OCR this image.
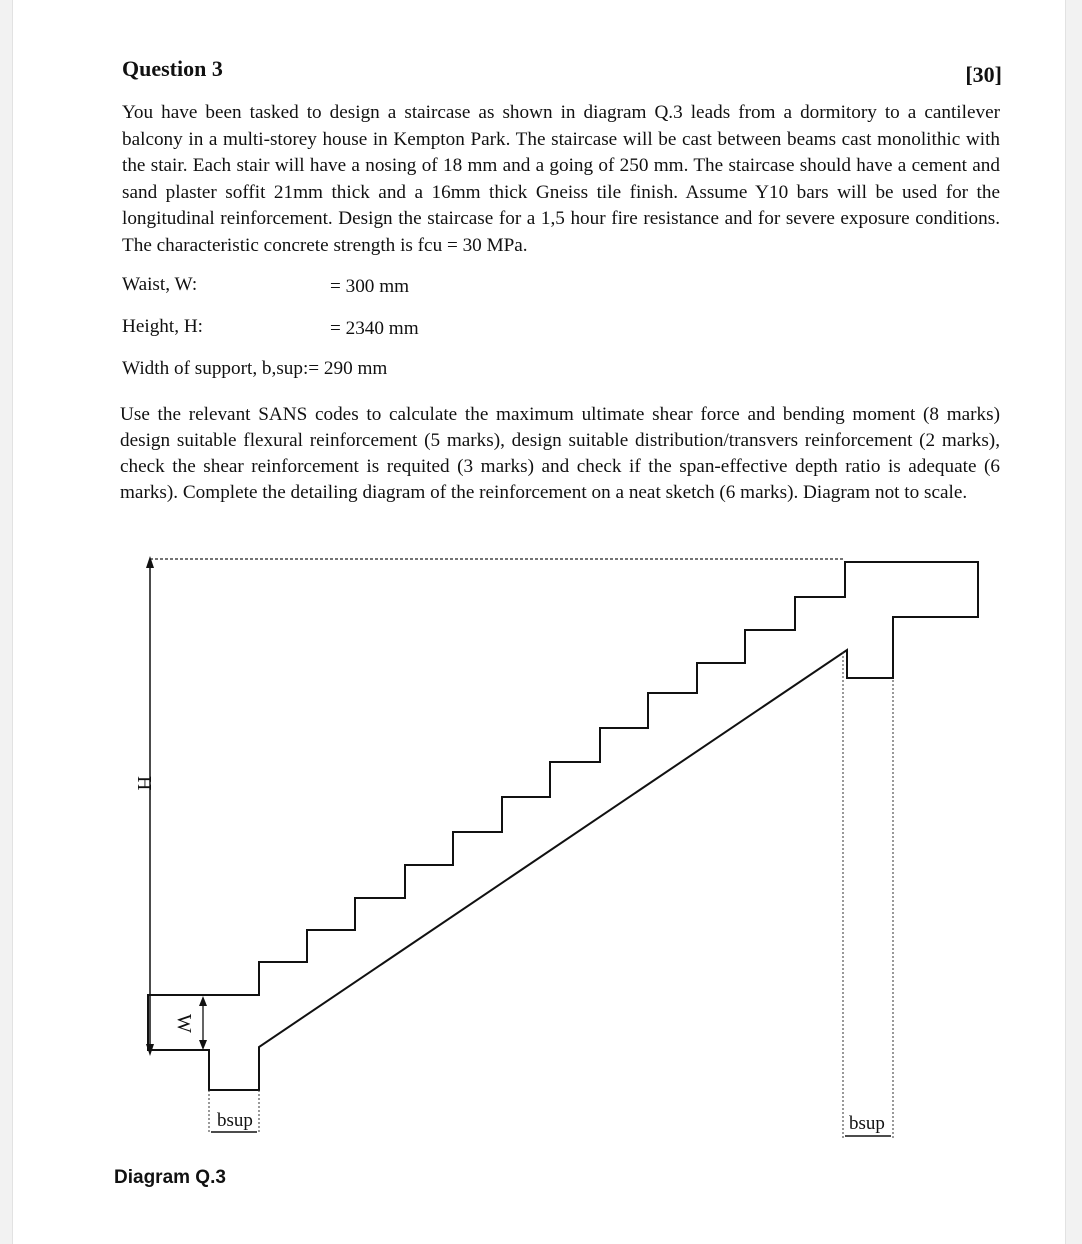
Question 3	[30]
You have been tasked to design a staircase as shown in diagram Q.3 leads from a dormitory to a cantilever balcony in a multi-storey house in Kempton Park. The staircase will be cast between beams cast monolithic with the stair. Each stair will have a nosing of 18 mm and a going of 250 mm. The staircase should have a cement and sand plaster soffit 21mm thick and a 16mm thick Gneiss tile finish. Assume Y10 bars will be used for the longitudinal reinforcement. Design the staircase for a 1,5 hour fire resistance and for severe exposure conditions. The characteristic concrete strength is fcu = 30 MPa.
Waist, W:	= 300 mm
Height, H:	= 2340 mm
Width of support, b,sup:= 290 mm
Use the relevant SANS codes to calculate the maximum ultimate shear force and bending moment (8 marks) design suitable flexural reinforcement (5 marks), design suitable distribution/transvers reinforcement (2 marks), check the shear reinforcement is requited (3 marks) and check if the span-effective depth ratio is adequate (6 marks). Complete the detailing diagram of the reinforcement on a neat sketch (6 marks). Diagram not to scale.
H
W
bsup	bsup
Diagram Q.3
